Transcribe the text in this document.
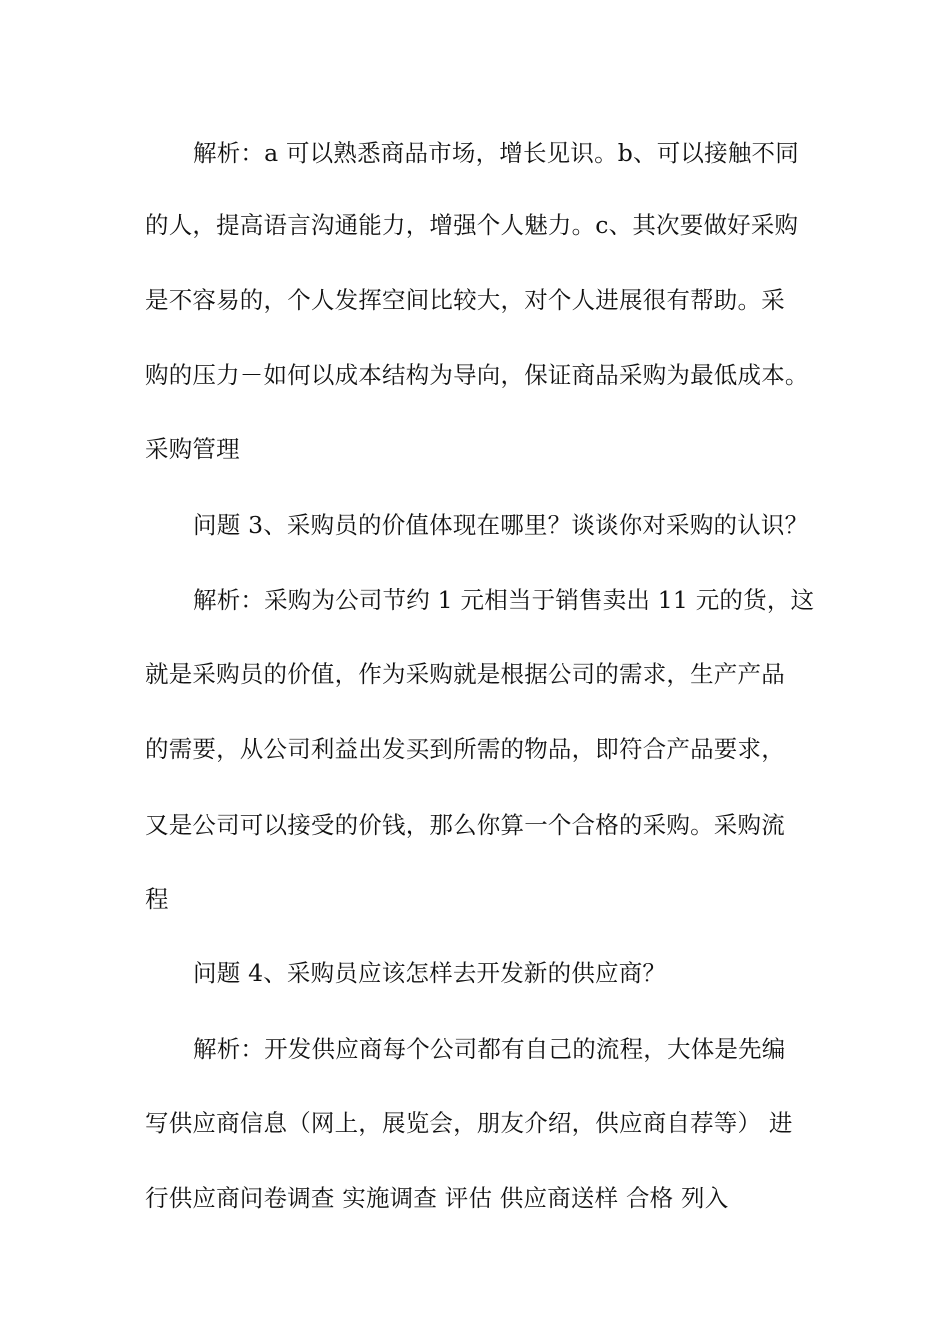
解析：a 可以熟悉商品市场，增长见识。b、可以接触不同
的人，提高语言沟通能力，增强个人魅力。c、其次要做好采购
是不容易的，个人发挥空间比较大，对个人进展很有帮助。采
购的压力－如何以成本结构为导向，保证商品采购为最低成本。
采购管理
问题 3、采购员的价值体现在哪里？谈谈你对采购的认识？
解析：采购为公司节约 1 元相当于销售卖出 11 元的货，这
就是采购员的价值，作为采购就是根据公司的需求，生产产品
的需要，从公司利益出发买到所需的物品，即符合产品要求，
又是公司可以接受的价钱，那么你算一个合格的采购。采购流
程
问题 4、采购员应该怎样去开发新的供应商？
解析：开发供应商每个公司都有自己的流程，大体是先编
写供应商信息（网上，展览会，朋友介绍，供应商自荐等） 进
行供应商问卷调查 实施调查 评估 供应商送样 合格 列入
